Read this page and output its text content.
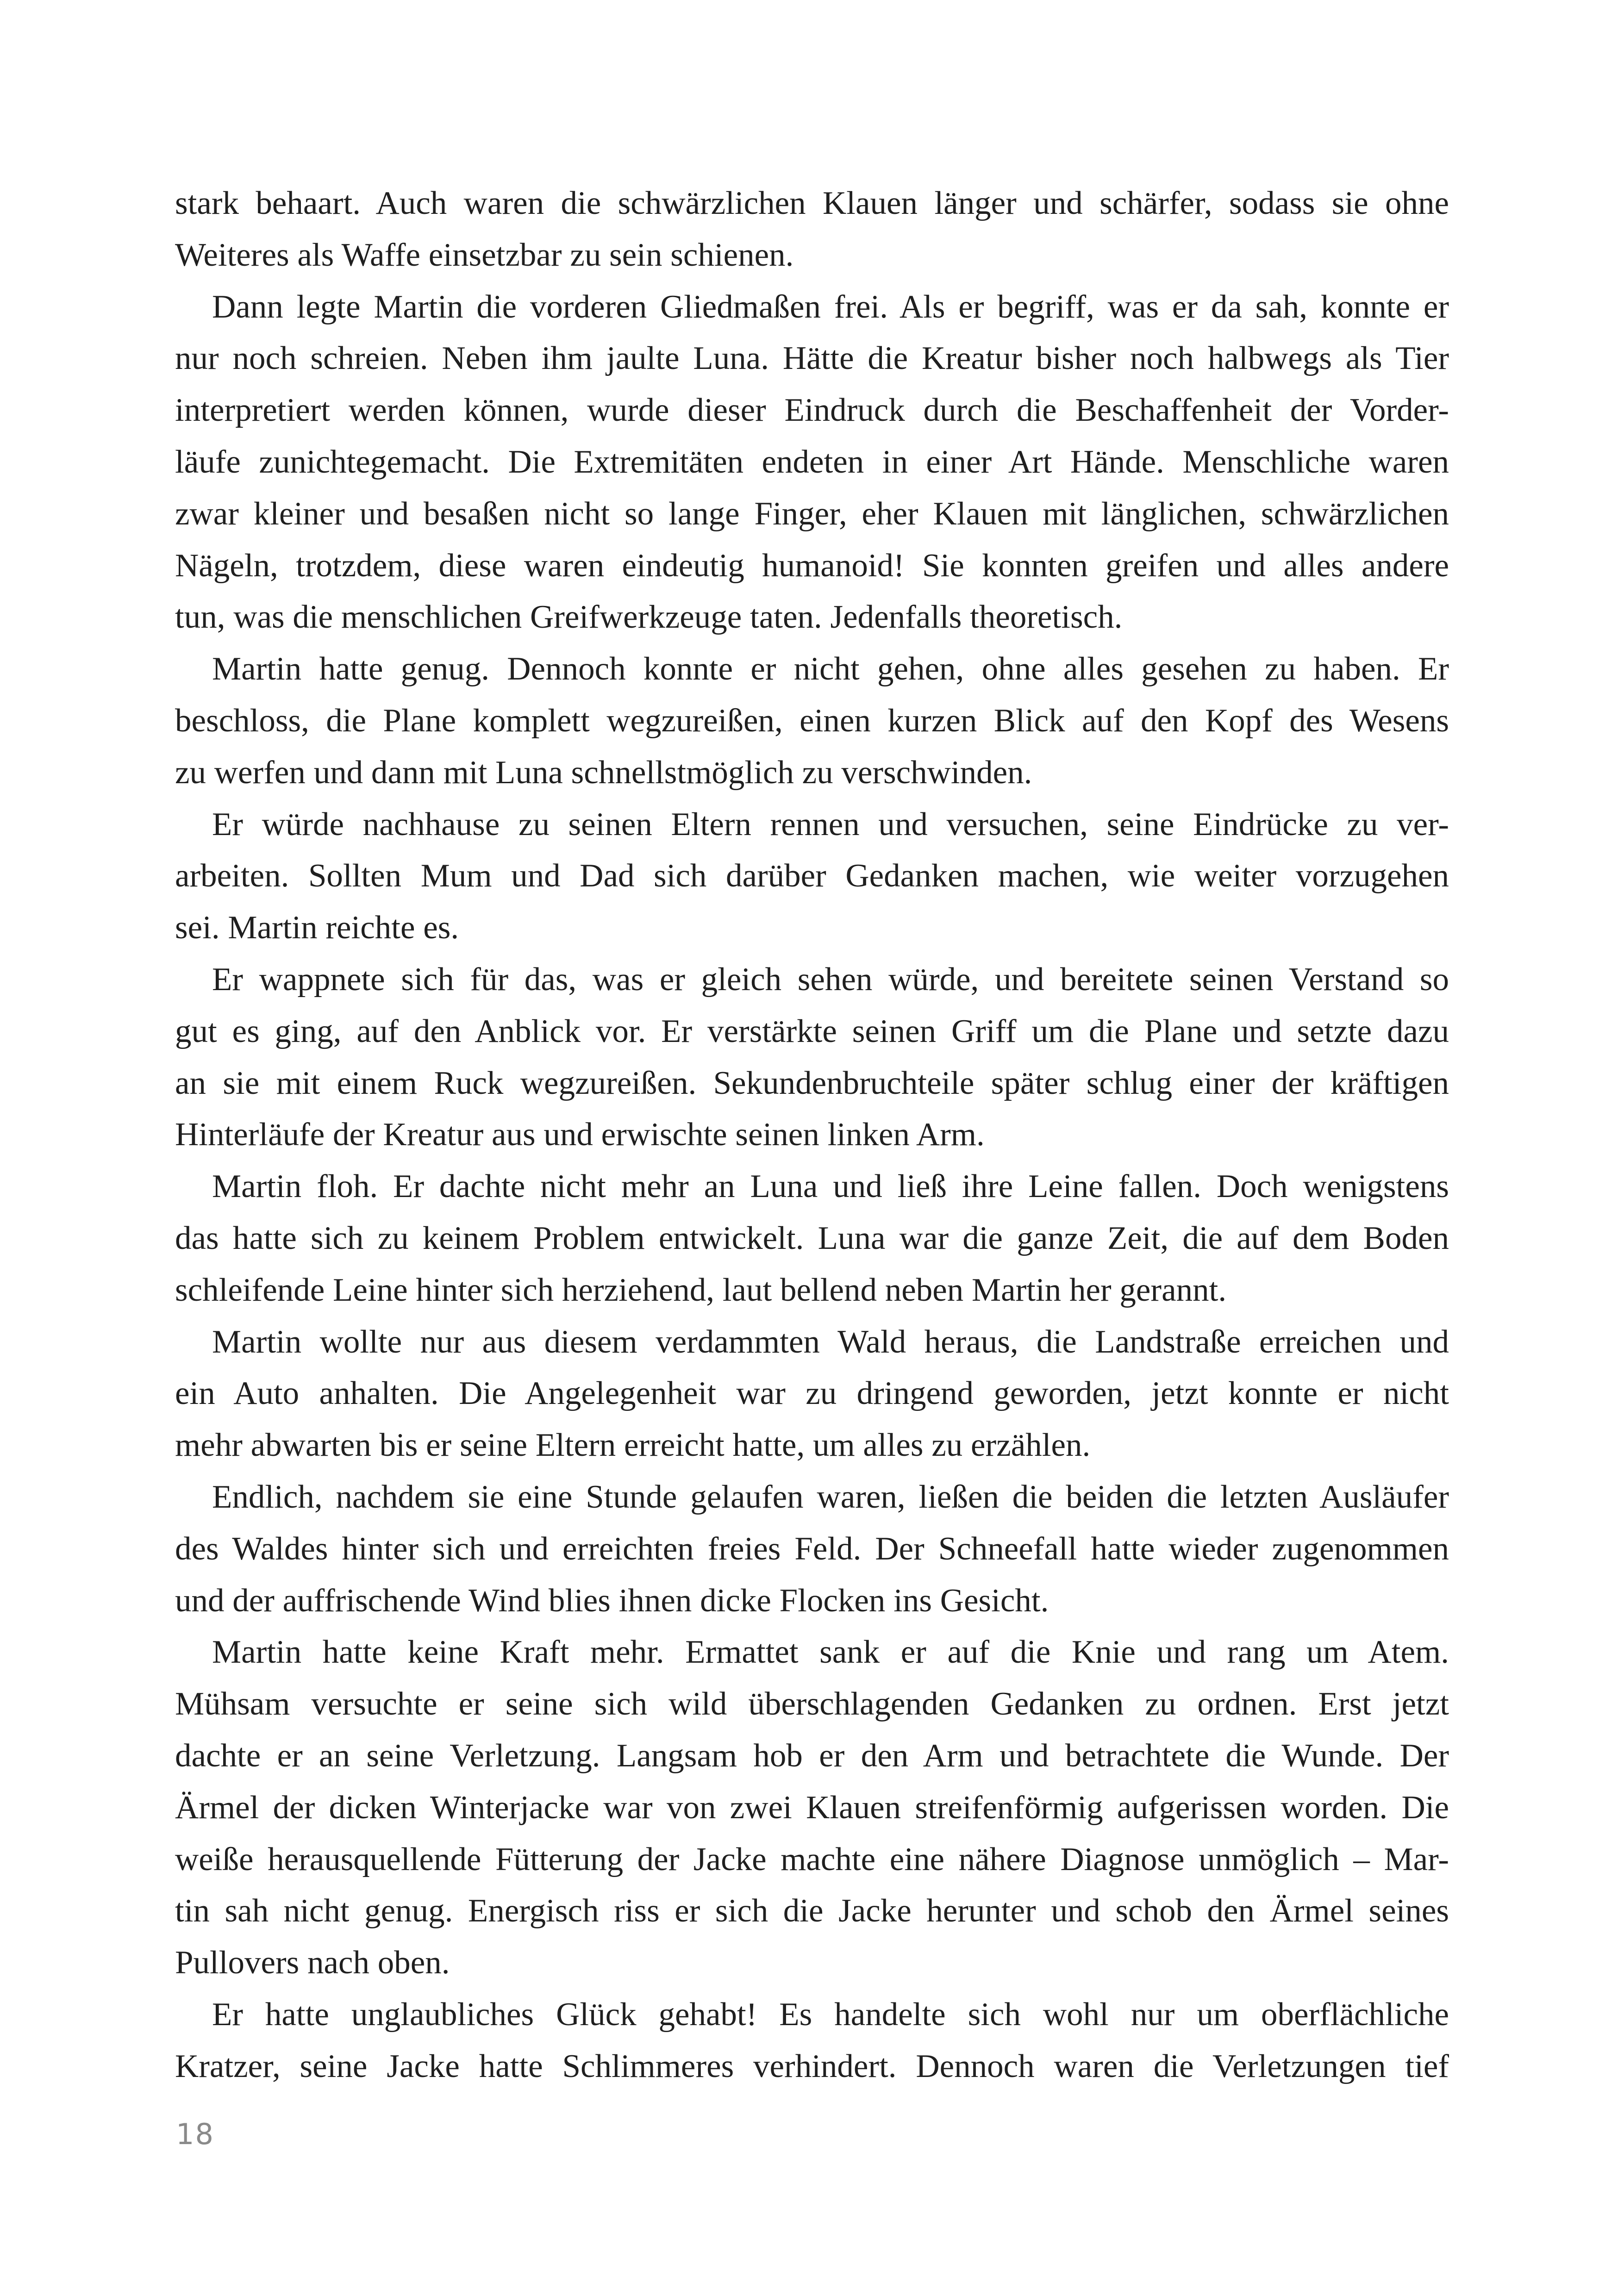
stark behaart. Auch waren die schwärzlichen Klauen länger und schärfer, sodass sie ohne
Weiteres als Waffe einsetzbar zu sein schienen.
Dann legte Martin die vorderen Gliedmaßen frei. Als er begriff, was er da sah, konnte er
nur noch schreien. Neben ihm jaulte Luna. Hätte die Kreatur bisher noch halbwegs als Tier
interpretiert werden können, wurde dieser Eindruck durch die Beschaffenheit der Vorder-
läufe zunichtegemacht. Die Extremitäten endeten in einer Art Hände. Menschliche waren
zwar kleiner und besaßen nicht so lange Finger, eher Klauen mit länglichen, schwärzlichen
Nägeln, trotzdem, diese waren eindeutig humanoid! Sie konnten greifen und alles andere
tun, was die menschlichen Greifwerkzeuge taten. Jedenfalls theoretisch.
Martin hatte genug. Dennoch konnte er nicht gehen, ohne alles gesehen zu haben. Er
beschloss, die Plane komplett wegzureißen, einen kurzen Blick auf den Kopf des Wesens
zu werfen und dann mit Luna schnellstmöglich zu verschwinden.
Er würde nachhause zu seinen Eltern rennen und versuchen, seine Eindrücke zu ver-
arbeiten. Sollten Mum und Dad sich darüber Gedanken machen, wie weiter vorzugehen
sei. Martin reichte es.
Er wappnete sich für das, was er gleich sehen würde, und bereitete seinen Verstand so
gut es ging, auf den Anblick vor. Er verstärkte seinen Griff um die Plane und setzte dazu
an sie mit einem Ruck wegzureißen. Sekundenbruchteile später schlug einer der kräftigen
Hinterläufe der Kreatur aus und erwischte seinen linken Arm.
Martin floh. Er dachte nicht mehr an Luna und ließ ihre Leine fallen. Doch wenigstens
das hatte sich zu keinem Problem entwickelt. Luna war die ganze Zeit, die auf dem Boden
schleifende Leine hinter sich herziehend, laut bellend neben Martin her gerannt.
Martin wollte nur aus diesem verdammten Wald heraus, die Landstraße erreichen und
ein Auto anhalten. Die Angelegenheit war zu dringend geworden, jetzt konnte er nicht
mehr abwarten bis er seine Eltern erreicht hatte, um alles zu erzählen.
Endlich, nachdem sie eine Stunde gelaufen waren, ließen die beiden die letzten Ausläufer
des Waldes hinter sich und erreichten freies Feld. Der Schneefall hatte wieder zugenommen
und der auffrischende Wind blies ihnen dicke Flocken ins Gesicht.
Martin hatte keine Kraft mehr. Ermattet sank er auf die Knie und rang um Atem.
Mühsam versuchte er seine sich wild überschlagenden Gedanken zu ordnen. Erst jetzt
dachte er an seine Verletzung. Langsam hob er den Arm und betrachtete die Wunde. Der
Ärmel der dicken Winterjacke war von zwei Klauen streifenförmig aufgerissen worden. Die
weiße herausquellende Fütterung der Jacke machte eine nähere Diagnose unmöglich – Mar-
tin sah nicht genug. Energisch riss er sich die Jacke herunter und schob den Ärmel seines
Pullovers nach oben.
Er hatte unglaubliches Glück gehabt! Es handelte sich wohl nur um oberflächliche
Kratzer, seine Jacke hatte Schlimmeres verhindert. Dennoch waren die Verletzungen tief
18
